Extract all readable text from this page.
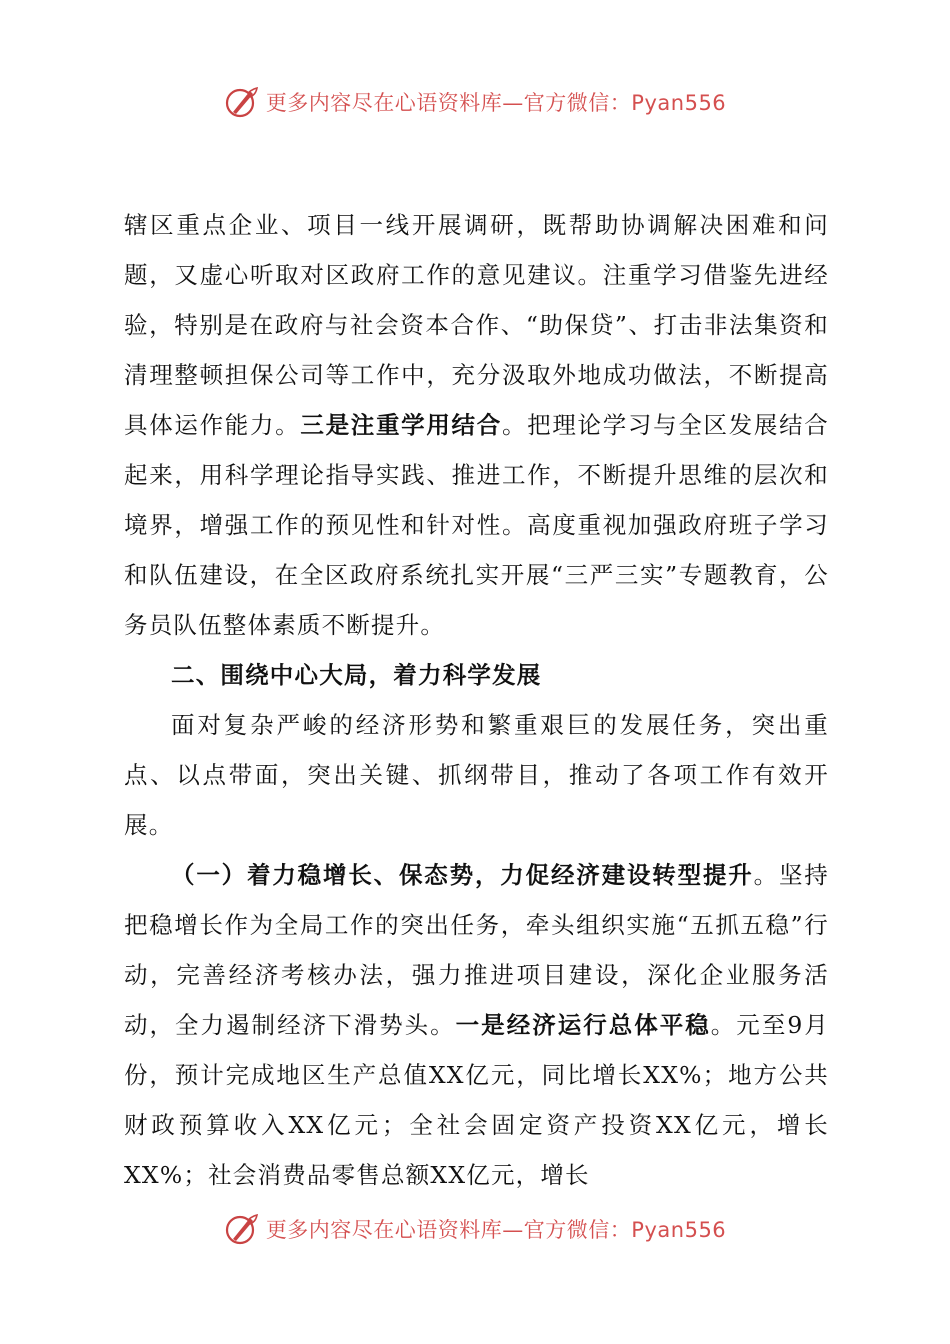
更多内容尽在心语资料库—官方微信：Pyan556

辖区重点企业、项目一线开展调研，既帮助协调解决困难和问题，又虚心听取对区政府工作的意见建议。注重学习借鉴先进经验，特别是在政府与社会资本合作、“助保贷”、打击非法集资和清理整顿担保公司等工作中，充分汲取外地成功做法，不断提高具体运作能力。三是注重学用结合。把理论学习与全区发展结合起来，用科学理论指导实践、推进工作，不断提升思维的层次和境界，增强工作的预见性和针对性。高度重视加强政府班子学习和队伍建设，在全区政府系统扎实开展“三严三实”专题教育，公务员队伍整体素质不断提升。

二、围绕中心大局，着力科学发展

面对复杂严峻的经济形势和繁重艰巨的发展任务，突出重点、以点带面，突出关键、抓纲带目，推动了各项工作有效开展。

（一）着力稳增长、保态势，力促经济建设转型提升。坚持把稳增长作为全局工作的突出任务，牵头组织实施“五抓五稳”行动，完善经济考核办法，强力推进项目建设，深化企业服务活动，全力遏制经济下滑势头。一是经济运行总体平稳。元至9月份，预计完成地区生产总值XX亿元，同比增长XX%；地方公共财政预算收入XX亿元；全社会固定资产投资XX亿元，增长XX%；社会消费品零售总额XX亿元，增长

更多内容尽在心语资料库—官方微信：Pyan556
